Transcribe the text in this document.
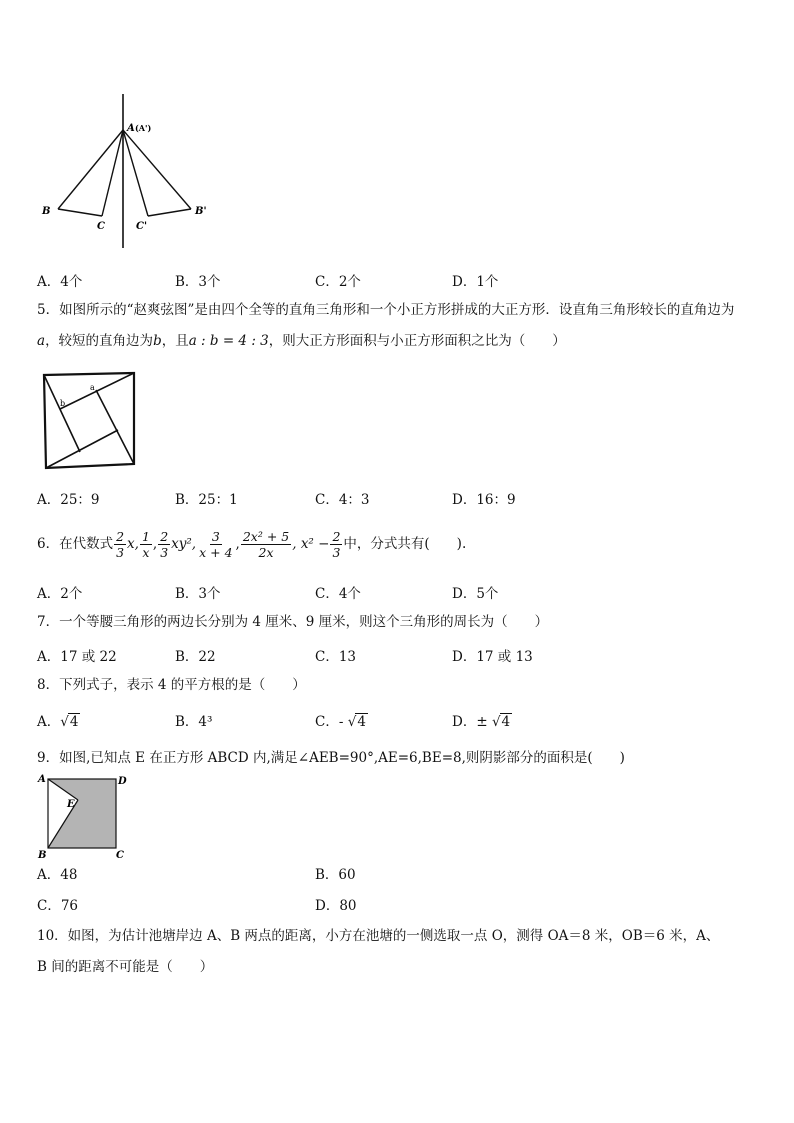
A (A')
B
C	C'
B'
A．4个	B．3个	C．2个	D．1个
5．如图所示的“赵爽弦图”是由四个全等的直角三角形和一个小正方形拼成的大正方形．设直角三角形较长的直角边为
a，较短的直角边为b，且a : b = 4 : 3，则大正方形面积与小正方形面积之比为（　　）
a
b
A．25：9	B．25：1	C．4：3	D．16：9
6．在代数式 $\frac{2}{3} x$, $\frac{1}{x}$ , $\frac{2}{3} xy^2$, $\frac{3}{x + 4}$ , $\frac{\text{2x² + 5}}{2x}$ , $x^2 - \frac{2}{3}$ 中，分式共有(　　).
A．2个	B．3个	C．4个	D．5个
7．一个等腰三角形的两边长分别为 4 厘米、9 厘米，则这个三角形的周长为（　　）
A．17 或 22	B．22	C．13	D．17 或 13
8．下列式子，表示 4 的平方根的是（　　）
A．√4	B．4³	C．- √4	D．± √4
9．如图,已知点 E 在正方形 ABCD 内,满足∠AEB=90°,AE=6,BE=8,则阴影部分的面积是(　　)
A	D
E
B	C
A．48	B．60
C．76	D．80
10．如图，为估计池塘岸边 A、B 两点的距离，小方在池塘的一侧选取一点 O，测得 OA＝8 米，OB＝6 米，A、
B 间的距离不可能是（　　）
